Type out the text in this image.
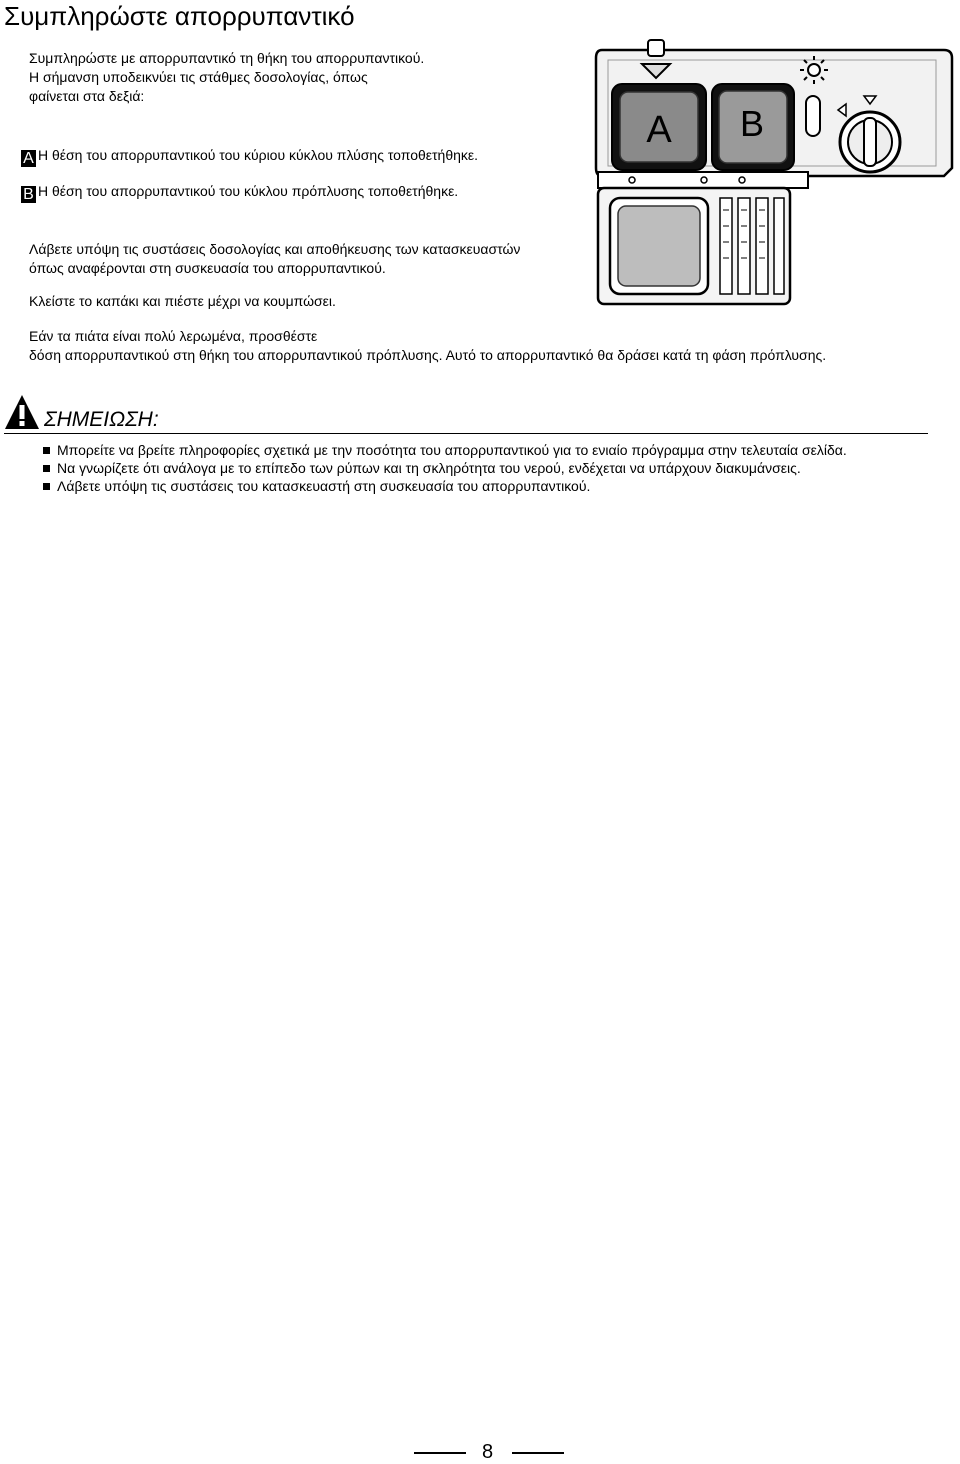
Συμπληρώστε απορρυπαντικό
Συμπληρώστε με απορρυπαντικό τη θήκη του απορρυπαντικού.
Η σήμανση υποδεικνύει τις στάθμες δοσολογίας, όπως
φαίνεται στα δεξιά:
A Η θέση του απορρυπαντικού του κύριου κύκλου πλύσης τοποθετήθηκε.
B Η θέση του απορρυπαντικού του κύκλου πρόπλυσης τοποθετήθηκε.
Λάβετε υπόψη τις συστάσεις δοσολογίας και αποθήκευσης των κατασκευαστών
όπως αναφέρονται στη συσκευασία του απορρυπαντικού.
Κλείστε το καπάκι και πιέστε μέχρι να κουμπώσει.
Εάν τα πιάτα είναι πολύ λερωμένα, προσθέστε
δόση απορρυπαντικού στη θήκη του απορρυπαντικού πρόπλυσης. Αυτό το απορρυπαντικό θα δράσει κατά τη φάση πρόπλυσης.
A B
ΣΗΜΕΙΩΣΗ:
Μπορείτε να βρείτε πληροφορίες σχετικά με την ποσότητα του απορρυπαντικού για το ενιαίο πρόγραμμα στην τελευταία σελίδα.
Να γνωρίζετε ότι ανάλογα με το επίπεδο των ρύπων και τη σκληρότητα του νερού, ενδέχεται να υπάρχουν διακυμάνσεις.
Λάβετε υπόψη τις συστάσεις του κατασκευαστή στη συσκευασία του απορρυπαντικού.
8
